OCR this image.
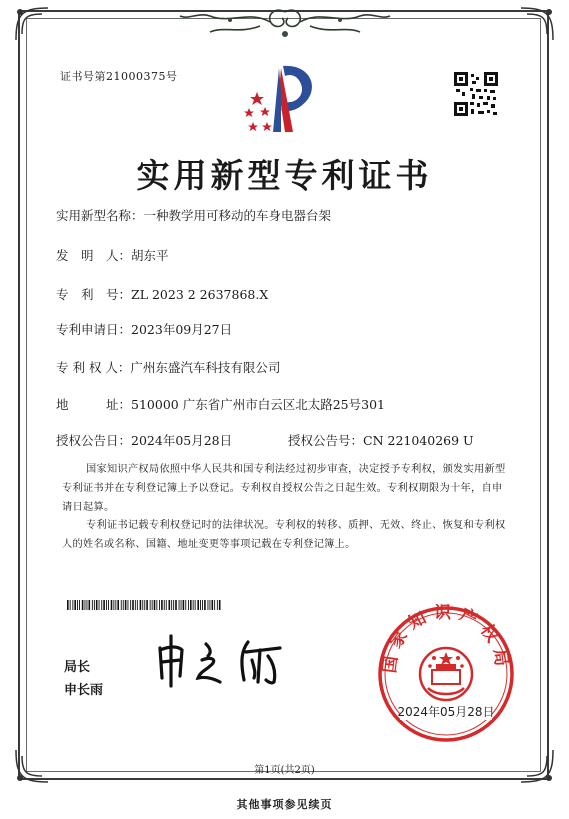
证书号第21000375号
实用新型专利证书
实用新型名称：一种教学用可移动的车身电器台架
发　明　人：胡东平
专　利　号：ZL 2023 2 2637868.X
专利申请日：2023年09月27日
专 利 权 人：广州东盛汽车科技有限公司
地　　　址：510000 广东省广州市白云区北太路25号301
授权公告日：2024年05月28日	授权公告号：CN 221040269 U
国家知识产权局依照中华人民共和国专利法经过初步审查，决定授予专利权，颁发实用新型专利证书并在专利登记簿上予以登记。专利权自授权公告之日起生效。专利权期限为十年，自申请日起算。
专利证书记载专利权登记时的法律状况。专利权的转移、质押、无效、终止、恢复和专利权人的姓名或名称、国籍、地址变更等事项记载在专利登记簿上。
局长
申长雨
国家知识产权局
2024年05月28日
第1页(共2页)
其他事项参见续页
